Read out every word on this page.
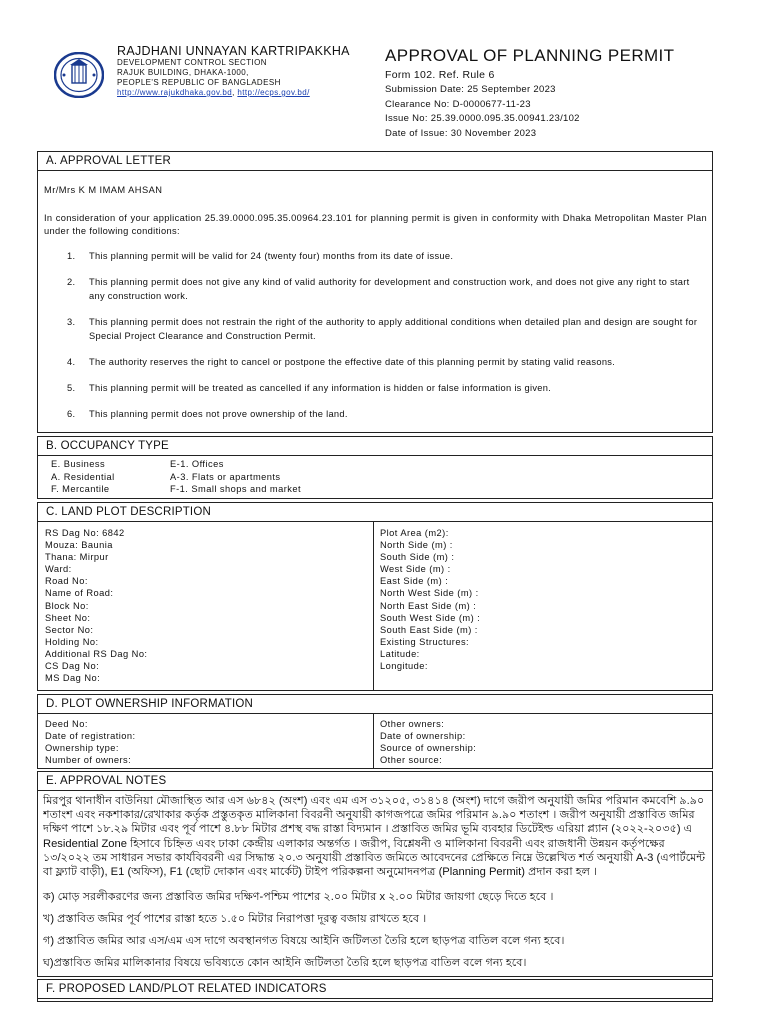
RAJDHANI UNNAYAN KARTRIPAKKHA
DEVELOPMENT CONTROL SECTION
RAJUK BUILDING, DHAKA-1000,
PEOPLE'S REPUBLIC OF BANGLADESH
http://www.rajukdhaka.gov.bd, http://ecps.gov.bd/
APPROVAL OF PLANNING PERMIT
Form 102. Ref. Rule 6
Submission Date: 25 September 2023
Clearance No: D-0000677-11-23
Issue No: 25.39.0000.095.35.00941.23/102
Date of Issue: 30 November 2023
A. APPROVAL LETTER
Mr/Mrs K M IMAM AHSAN
In consideration of your application 25.39.0000.095.35.00964.23.101 for planning permit is given in conformity with Dhaka Metropolitan Master Plan under the following conditions:
1. This planning permit will be valid for 24 (twenty four) months from its date of issue.
2. This planning permit does not give any kind of valid authority for development and construction work, and does not give any right to start any construction work.
3. This planning permit does not restrain the right of the authority to apply additional conditions when detailed plan and design are sought for Special Project Clearance and Construction Permit.
4. The authority reserves the right to cancel or postpone the effective date of this planning permit by stating valid reasons.
5. This planning permit will be treated as cancelled if any information is hidden or false information is given.
6. This planning permit does not prove ownership of the land.
B. OCCUPANCY TYPE
E. Business	E-1. Offices
A. Residential	A-3. Flats or apartments
F. Mercantile	F-1. Small shops and market
C. LAND PLOT DESCRIPTION
RS Dag No: 6842
Mouza: Baunia
Thana: Mirpur
Ward:
Road No:
Name of Road:
Block No:
Sheet No:
Sector No:
Holding No:
Additional RS Dag No:
CS Dag No:
MS Dag No:
Plot Area (m2):
North Side (m) :
South Side (m) :
West Side (m) :
East Side (m) :
North West Side (m) :
North East Side (m) :
South West Side (m) :
South East Side (m) :
Existing Structures:
Latitude:
Longitude:
D. PLOT OWNERSHIP INFORMATION
Deed No:
Date of registration:
Ownership type:
Number of owners:
Other owners:
Date of ownership:
Source of ownership:
Other source:
E. APPROVAL NOTES
মিরপুর থানাধীন বাউনিয়া মৌজাস্থিত আর এস ৬৮৪২ (অংশ) এবং এম এস ৩১২০৫, ৩১৪১৪ (অংশ) দাগে জরীপ অনুযায়ী জমির পরিমান কমবেশি ৯.৯০ শতাংশ এবং নকশাকার/রেখাকার কর্তৃক প্রস্তুতকৃত মালিকানা বিবরনী অনুযায়ী কাগজপত্রে জমির পরিমান ৯.৯০ শতাংশ । জরীপ অনুযায়ী প্রস্তাবিত জমির দক্ষিণ পাশে ১৮.২৯ মিটার এবং পূর্ব পাশে ৪.৮৮ মিটার প্রশস্থ বদ্ধ রাস্তা বিদ্যমান । প্রস্তাবিত জমির ভূমি ব্যবহার ডিটেইল্ড এরিয়া প্ল্যান (২০২২-২০৩৫) এ Residential Zone হিসাবে চিহ্নিত এবং ঢাকা কেন্দ্রীয় এলাকার অন্তর্গত । জরীপ, বিশ্লেষনী ও মালিকানা বিবরনী এবং রাজধানী উন্নয়ন কর্তৃপক্ষের ১৩/২০২২ তম সাধারন সভার কার্যবিবরনী এর সিদ্ধান্ত ২০.৩ অনুযায়ী প্রস্তাবিত জমিতে আবেদনের প্রেক্ষিতে নিম্নে উল্লেখিত শর্ত অনুযায়ী A-3 (এপার্টমেন্ট বা ফ্ল্যাট বাড়ী), E1 (অফিস), F1 (ছোট দোকান এবং মার্কেট) টাইপ পরিকল্পনা অনুমোদনপত্র (Planning Permit) প্রদান করা হল ।
ক) মোড় সরলীকরণের জন্য প্রস্তাবিত জমির দক্ষিণ-পশ্চিম পাশের ২.০০ মিটার x ২.০০ মিটার জায়গা ছেড়ে দিতে হবে ।
খ) প্রস্তাবিত জমির পূর্ব পাশের রাস্তা হতে ১.৫০ মিটার নিরাপত্তা দূরত্ব বজায় রাখতে হবে ।
গ) প্রস্তাবিত জমির আর এস/এম এস দাগে অবস্থানগত বিষয়ে আইনি জটিলতা তৈরি হলে ছাড়পত্র বাতিল বলে গন্য হবে।
ঘ)প্রস্তাবিত জমির মালিকানার বিষয়ে ভবিষ্যতে কোন আইনি জটিলতা তৈরি হলে ছাড়পত্র বাতিল বলে গন্য হবে।
F. PROPOSED LAND/PLOT RELATED INDICATORS
